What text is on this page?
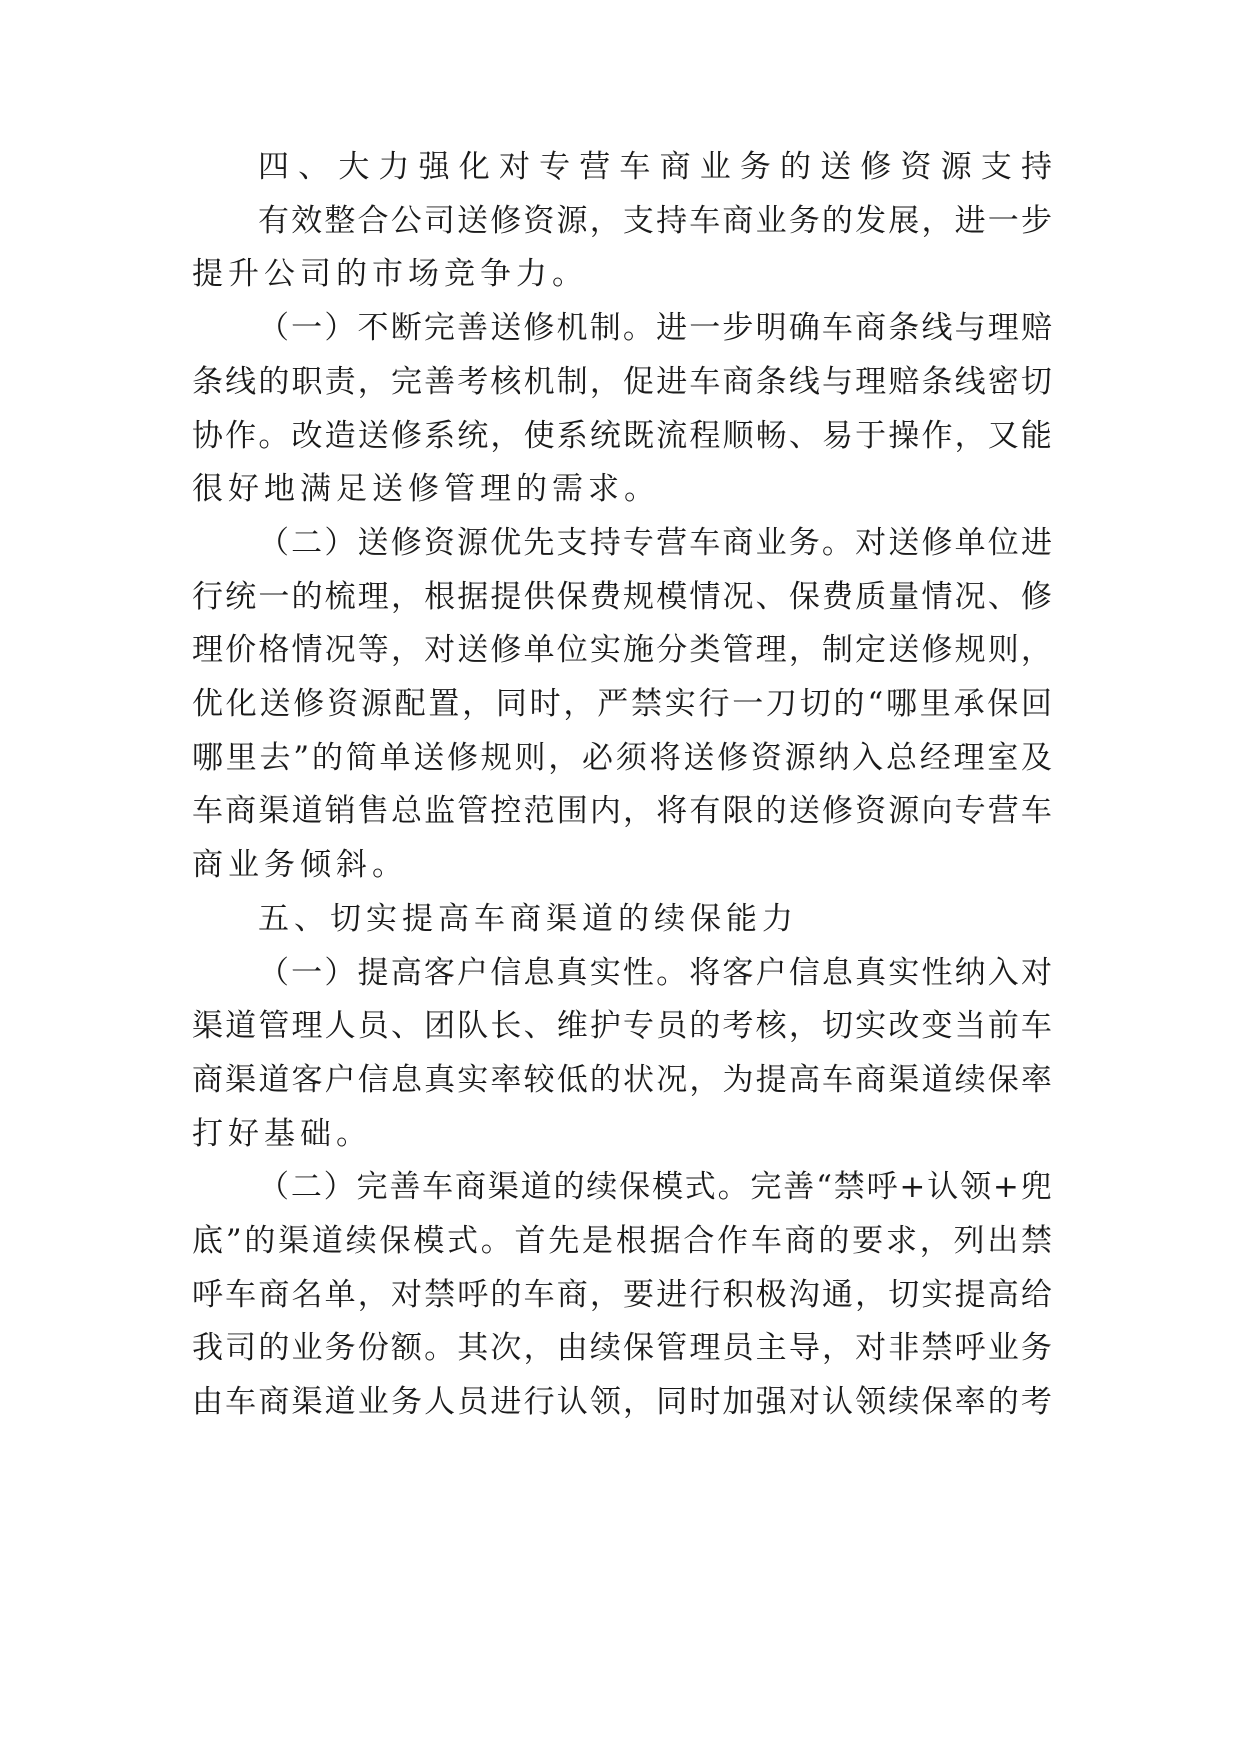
四 、 大 力 强 化 对 专 营 车 商 业 务 的 送 修 资 源 支 持
有 效 整 合 公 司 送 修 资 源 ， 支 持 车 商 业 务 的 发 展 ， 进 一 步
提 升 公 司 的 市 场 竞 争 力 。
（ 一 ） 不 断 完 善 送 修 机 制 。 进 一 步 明 确 车 商 条 线 与 理 赔
条 线 的 职 责 ， 完 善 考 核 机 制 ， 促 进 车 商 条 线 与 理 赔 条 线 密 切
协 作 。 改 造 送 修 系 统 ， 使 系 统 既 流 程 顺 畅 、 易 于 操 作 ， 又 能
很 好 地 满 足 送 修 管 理 的 需 求 。
（ 二 ） 送 修 资 源 优 先 支 持 专 营 车 商 业 务 。 对 送 修 单 位 进
行 统 一 的 梳 理 ， 根 据 提 供 保 费 规 模 情 况 、 保 费 质 量 情 况 、 修
理 价 格 情 况 等 ， 对 送 修 单 位 实 施 分 类 管 理 ， 制 定 送 修 规 则 ，
优 化 送 修 资 源 配 置 ， 同 时 ， 严 禁 实 行 一 刀 切 的 “ 哪 里 承 保 回
哪 里 去 ” 的 简 单 送 修 规 则 ， 必 须 将 送 修 资 源 纳 入 总 经 理 室 及
车 商 渠 道 销 售 总 监 管 控 范 围 内 ， 将 有 限 的 送 修 资 源 向 专 营 车
商 业 务 倾 斜 。
五 、 切 实 提 高 车 商 渠 道 的 续 保 能 力
（ 一 ） 提 高 客 户 信 息 真 实 性 。 将 客 户 信 息 真 实 性 纳 入 对
渠 道 管 理 人 员 、 团 队 长 、 维 护 专 员 的 考 核 ， 切 实 改 变 当 前 车
商 渠 道 客 户 信 息 真 实 率 较 低 的 状 况 ， 为 提 高 车 商 渠 道 续 保 率
打 好 基 础 。
（ 二 ） 完 善 车 商 渠 道 的 续 保 模 式 。 完 善 “ 禁 呼 + 认 领 + 兜
底 ” 的 渠 道 续 保 模 式 。 首 先 是 根 据 合 作 车 商 的 要 求 ， 列 出 禁
呼 车 商 名 单 ， 对 禁 呼 的 车 商 ， 要 进 行 积 极 沟 通 ， 切 实 提 高 给
我 司 的 业 务 份 额 。 其 次 ， 由 续 保 管 理 员 主 导 ， 对 非 禁 呼 业 务
由 车 商 渠 道 业 务 人 员 进 行 认 领 ， 同 时 加 强 对 认 领 续 保 率 的 考
